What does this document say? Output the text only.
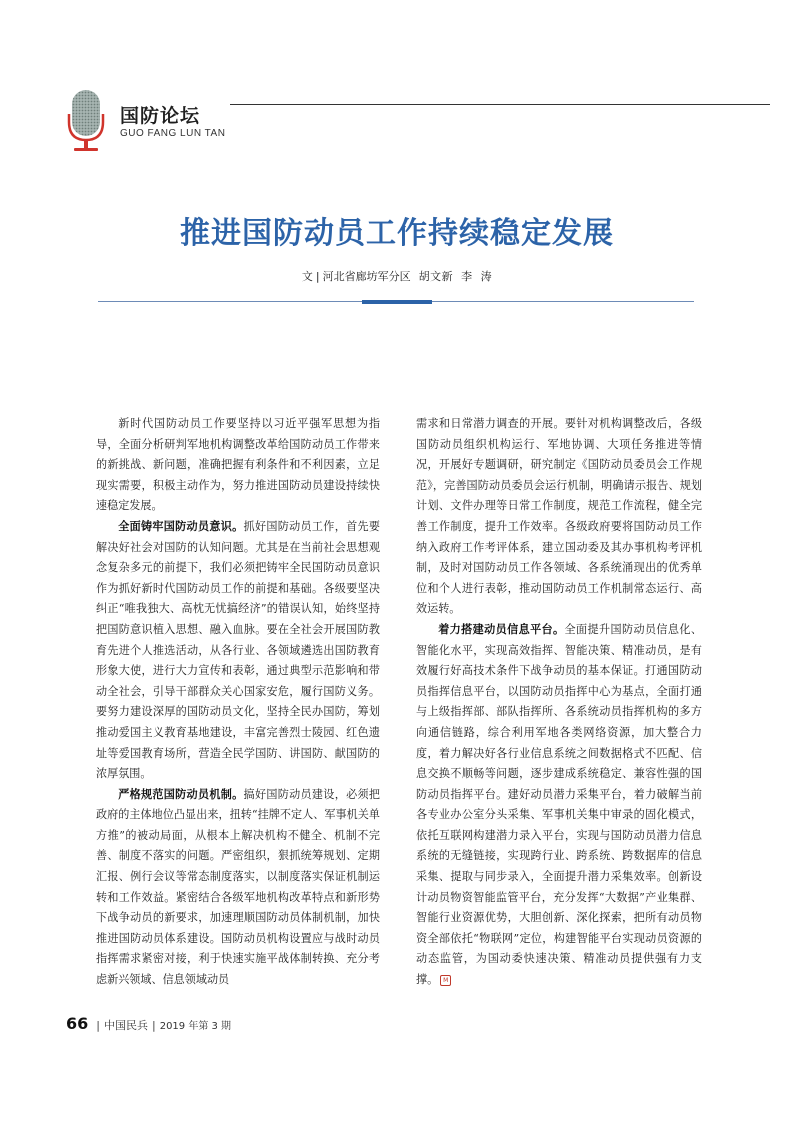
国防论坛
GUO FANG LUN TAN
推进国防动员工作持续稳定发展
文 | 河北省廊坊军分区 胡文新 李  涛

新时代国防动员工作要坚持以习近平强军思想为指导，全面分析研判军地机构调整改革给国防动员工作带来的新挑战、新问题，准确把握有利条件和不利因素，立足现实需要，积极主动作为，努力推进国防动员建设持续快速稳定发展。

全面铸牢国防动员意识。抓好国防动员工作，首先要解决好社会对国防的认知问题。尤其是在当前社会思想观念复杂多元的前提下，我们必须把铸牢全民国防动员意识作为抓好新时代国防动员工作的前提和基础。各级要坚决纠正“唯我独大、高枕无忧搞经济”的错误认知，始终坚持把国防意识植入思想、融入血脉。要在全社会开展国防教育先进个人推选活动，从各行业、各领域遴选出国防教育形象大使，进行大力宣传和表彰，通过典型示范影响和带动全社会，引导干部群众关心国家安危，履行国防义务。要努力建设深厚的国防动员文化，坚持全民办国防，筹划推动爱国主义教育基地建设，丰富完善烈士陵园、红色遗址等爱国教育场所，营造全民学国防、讲国防、献国防的浓厚氛围。

严格规范国防动员机制。搞好国防动员建设，必须把政府的主体地位凸显出来，扭转“挂牌不定人、军事机关单方推”的被动局面，从根本上解决机构不健全、机制不完善、制度不落实的问题。严密组织，狠抓统筹规划、定期汇报、例行会议等常态制度落实，以制度落实保证机制运转和工作效益。紧密结合各级军地机构改革特点和新形势下战争动员的新要求，加速理顺国防动员体制机制，加快推进国防动员体系建设。国防动员机构设置应与战时动员指挥需求紧密对接，利于快速实施平战体制转换、充分考虑新兴领域、信息领域动员

需求和日常潜力调查的开展。要针对机构调整改后，各级国防动员组织机构运行、军地协调、大项任务推进等情况，开展好专题调研，研究制定《国防动员委员会工作规范》，完善国防动员委员会运行机制，明确请示报告、规划计划、文件办理等日常工作制度，规范工作流程，健全完善工作制度，提升工作效率。各级政府要将国防动员工作纳入政府工作考评体系，建立国动委及其办事机构考评机制，及时对国防动员工作各领域、各系统涌现出的优秀单位和个人进行表彰，推动国防动员工作机制常态运行、高效运转。

着力搭建动员信息平台。全面提升国防动员信息化、智能化水平，实现高效指挥、智能决策、精准动员，是有效履行好高技术条件下战争动员的基本保证。打通国防动员指挥信息平台，以国防动员指挥中心为基点，全面打通与上级指挥部、部队指挥所、各系统动员指挥机构的多方向通信链路，综合利用军地各类网络资源，加大整合力度，着力解决好各行业信息系统之间数据格式不匹配、信息交换不顺畅等问题，逐步建成系统稳定、兼容性强的国防动员指挥平台。建好动员潜力采集平台，着力破解当前各专业办公室分头采集、军事机关集中审录的固化模式，依托互联网构建潜力录入平台，实现与国防动员潜力信息系统的无缝链接，实现跨行业、跨系统、跨数据库的信息采集、提取与同步录入，全面提升潜力采集效率。创新设计动员物资智能监管平台，充分发挥“大数据”产业集群、智能行业资源优势，大胆创新、深化探索，把所有动员物资全部依托“物联网”定位，构建智能平台实现动员资源的动态监管，为国动委快速决策、精准动员提供强有力支撑。 M

66 | 中国民兵 | 2019 年第 3 期
